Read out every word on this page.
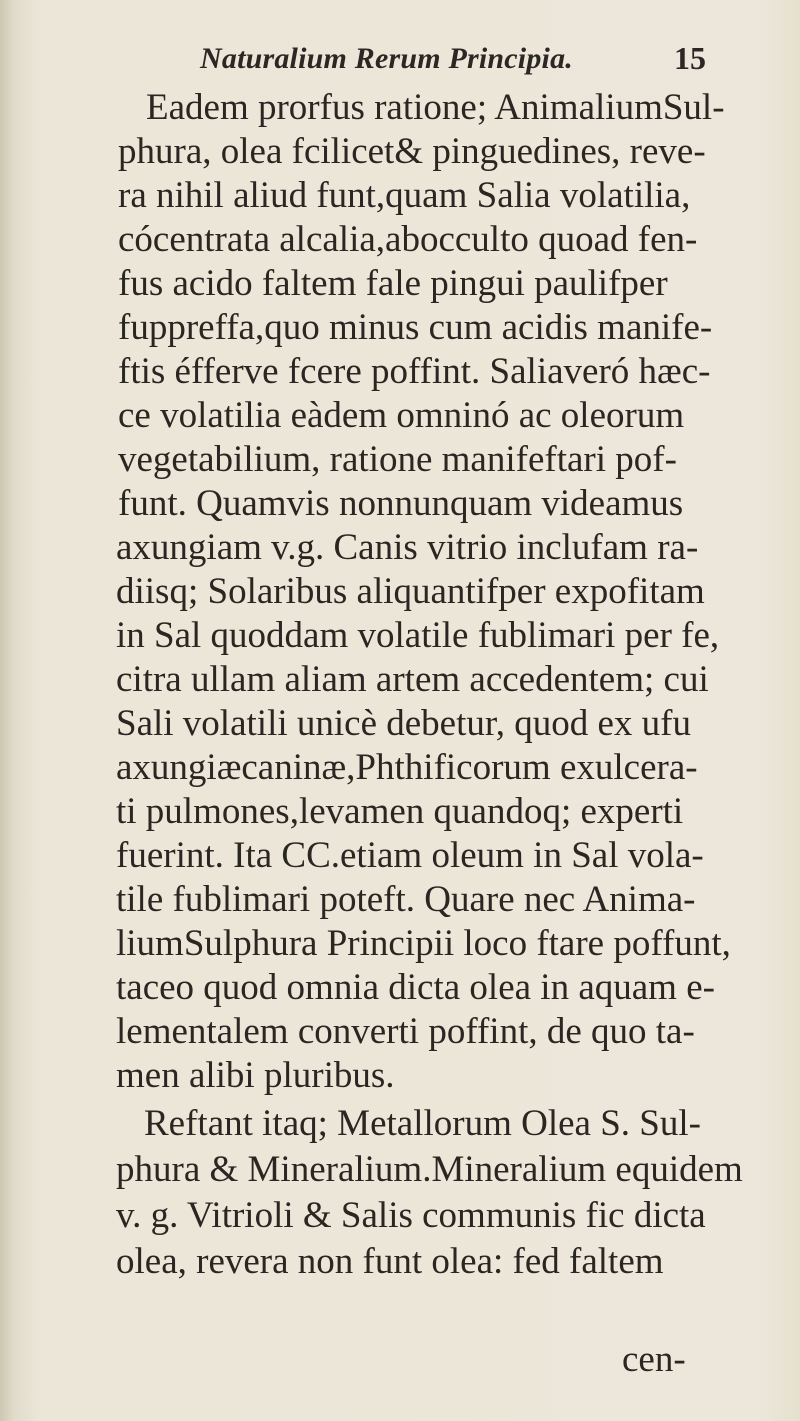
Naturalium Rerum Principia.	15
Eadem prorfus ratione; AnimaliumSul-
phura, olea fcilicet& pinguedines, reve-
ra nihil aliud funt,quam Salia volatilia,
cócentrata alcalia,abocculto quoad fen-
fus acido faltem fale pingui paulifper
fuppreffa,quo minus cum acidis manife-
ftis éfferve fcere poffint. Saliaveró hæc-
ce volatilia eàdem omninó ac oleorum
vegetabilium, ratione manifeftari pof-
funt. Quamvis nonnunquam videamus
axungiam v.g. Canis vitrio inclufam ra-
diisq; Solaribus aliquantifper expofitam
in Sal quoddam volatile fublimari per fe,
citra ullam aliam artem accedentem; cui
Sali volatili unicè debetur, quod ex ufu
axungiæcaninæ,Phthificorum exulcera-
ti pulmones,levamen quandoq; experti
fuerint. Ita CC.etiam oleum in Sal vola-
tile fublimari poteft. Quare nec Anima-
liumSulphura Principii loco ftare poffunt,
taceo quod omnia dicta olea in aquam e-
lementalem converti poffint, de quo ta-
men alibi pluribus.
Reftant itaq; Metallorum Olea S. Sul-
phura & Mineralium.Mineralium equidem
v. g. Vitrioli & Salis communis fic dicta
olea, revera non funt olea: fed faltem
cen-
